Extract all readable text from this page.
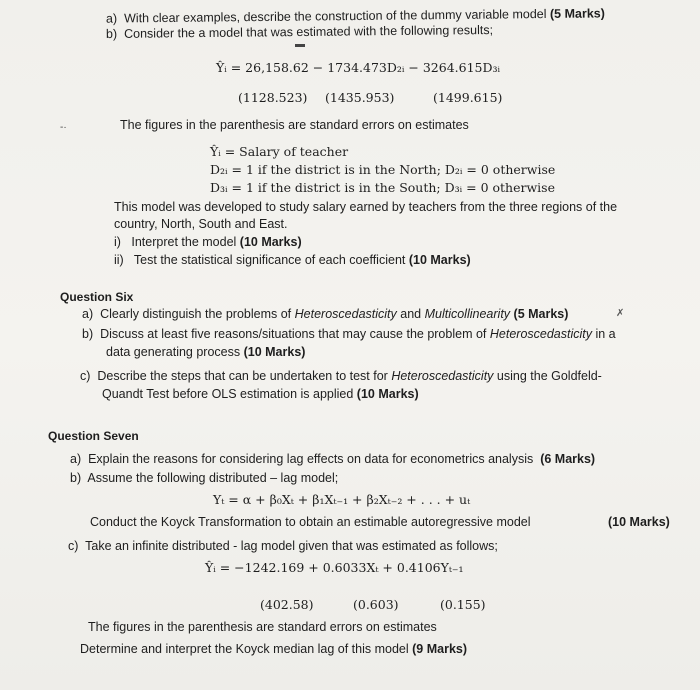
a) With clear examples, describe the construction of the dummy variable model (5 Marks)
b) Consider the a model that was estimated with the following results;
▬
Ŷᵢ = 26,158.62 − 1734.473D₂ᵢ − 3264.615D₃ᵢ
(1128.523) (1435.953)	(1499.615)
The figures in the parenthesis are standard errors on estimates
-·
Ŷᵢ = Salary of teacher
D₂ᵢ = 1 if the district is in the North; D₂ᵢ = 0 otherwise
D₃ᵢ = 1 if the district is in the South; D₃ᵢ = 0 otherwise
This model was developed to study salary earned by teachers from the three regions of the
country, North, South and East.
i) Interpret the model (10 Marks)
ii) Test the statistical significance of each coefficient (10 Marks)
Question Six
a) Clearly distinguish the problems of Heteroscedasticity and Multicollinearity (5 Marks)	✗
b) Discuss at least five reasons/situations that may cause the problem of Heteroscedasticity in a
data generating process (10 Marks)
c) Describe the steps that can be undertaken to test for Heteroscedasticity using the Goldfeld-
Quandt Test before OLS estimation is applied (10 Marks)
Question Seven
a) Explain the reasons for considering lag effects on data for econometrics analysis (6 Marks)
b) Assume the following distributed – lag model;
Yₜ = α + β₀Xₜ + β₁Xₜ₋₁ + β₂Xₜ₋₂ + . . . + uₜ
Conduct the Koyck Transformation to obtain an estimable autoregressive model	(10 Marks)
c) Take an infinite distributed - lag model given that was estimated as follows;
Ŷᵢ = −1242.169 + 0.6033Xₜ + 0.4106Yₜ₋₁
(402.58)	(0.603)	(0.155)
The figures in the parenthesis are standard errors on estimates
Determine and interpret the Koyck median lag of this model (9 Marks)
